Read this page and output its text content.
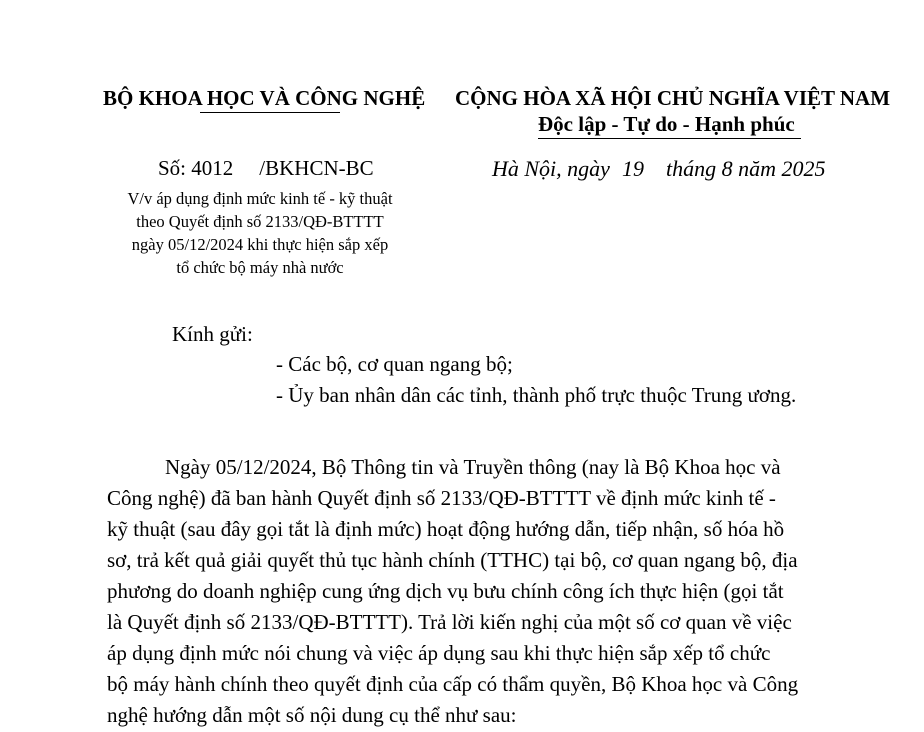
BỘ KHOA HỌC VÀ CÔNG NGHỆ CỘNG HÒA XÃ HỘI CHỦ NGHĨA VIỆT NAM
Độc lập - Tự do - Hạnh phúc
Số: 4012 /BKHCN-BC	Hà Nội, ngày 19 tháng 8 năm 2025
V/v áp dụng định mức kinh tế - kỹ thuật
theo Quyết định số 2133/QĐ-BTTTT
ngày 05/12/2024 khi thực hiện sắp xếp
tổ chức bộ máy nhà nước
Kính gửi:
- Các bộ, cơ quan ngang bộ;
- Ủy ban nhân dân các tỉnh, thành phố trực thuộc Trung ương.
Ngày 05/12/2024, Bộ Thông tin và Truyền thông (nay là Bộ Khoa học và
Công nghệ) đã ban hành Quyết định số 2133/QĐ-BTTTT về định mức kinh tế -
kỹ thuật (sau đây gọi tắt là định mức) hoạt động hướng dẫn, tiếp nhận, số hóa hồ
sơ, trả kết quả giải quyết thủ tục hành chính (TTHC) tại bộ, cơ quan ngang bộ, địa
phương do doanh nghiệp cung ứng dịch vụ bưu chính công ích thực hiện (gọi tắt
là Quyết định số 2133/QĐ-BTTTT). Trả lời kiến nghị của một số cơ quan về việc
áp dụng định mức nói chung và việc áp dụng sau khi thực hiện sắp xếp tổ chức
bộ máy hành chính theo quyết định của cấp có thẩm quyền, Bộ Khoa học và Công
nghệ hướng dẫn một số nội dung cụ thể như sau:
